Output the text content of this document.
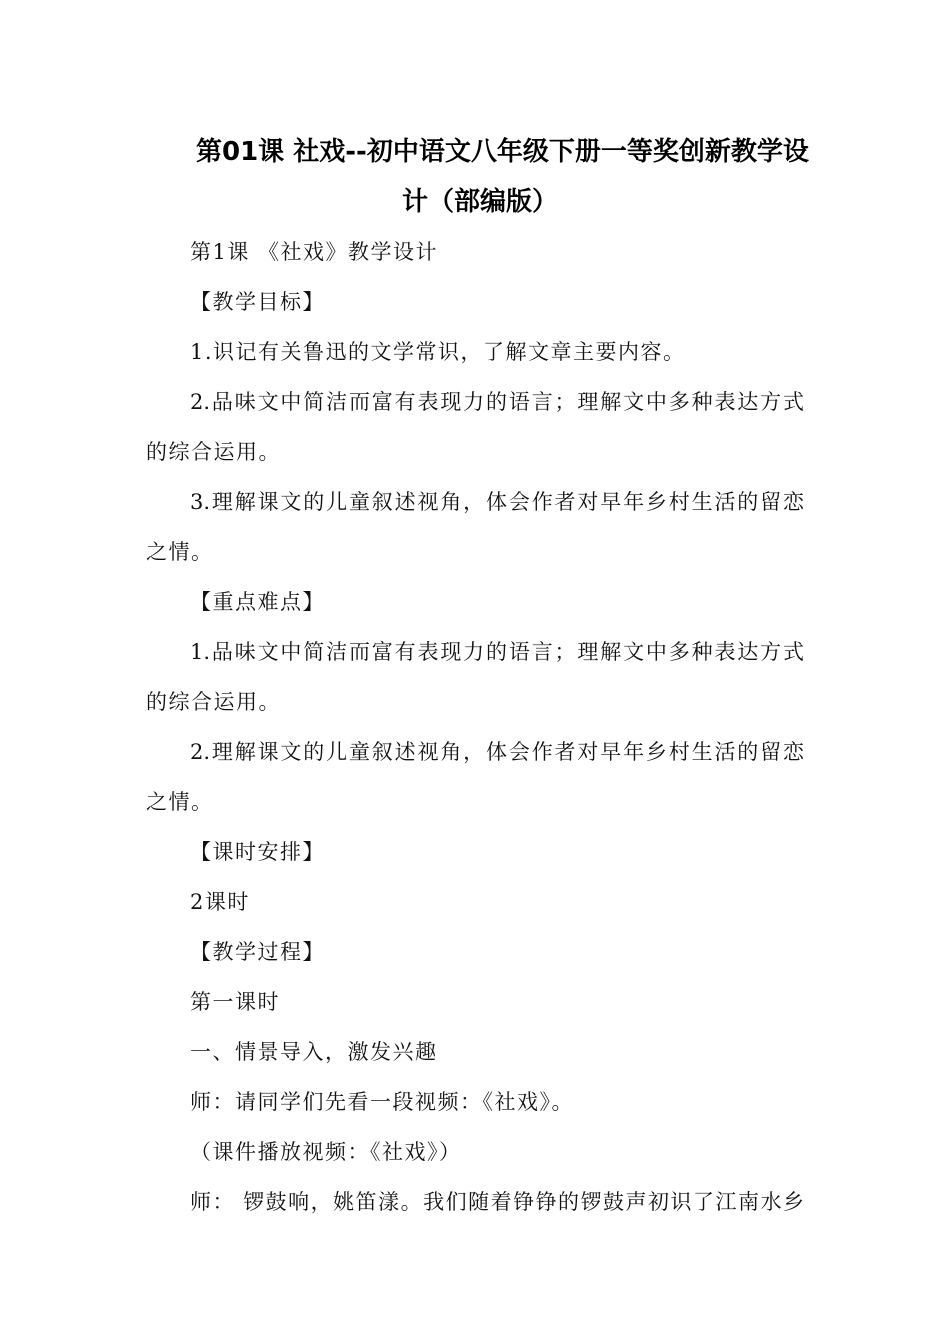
第01课 社戏--初中语文八年级下册一等奖创新教学设
计（部编版）
第1课 《社戏》教学设计
【教学目标】
1.识记有关鲁迅的文学常识，了解文章主要内容。
2.品味文中简洁而富有表现力的语言；理解文中多种表达方式
的综合运用。
3.理解课文的儿童叙述视角，体会作者对早年乡村生活的留恋
之情。
【重点难点】
1.品味文中简洁而富有表现力的语言；理解文中多种表达方式
的综合运用。
2.理解课文的儿童叙述视角，体会作者对早年乡村生活的留恋
之情。
【课时安排】
2课时
【教学过程】
第一课时
一、情景导入，激发兴趣
师：请同学们先看一段视频：《社戏》。
（课件播放视频：《社戏》）
师： 锣鼓响，姚笛漾。我们随着铮铮的锣鼓声初识了江南水乡
